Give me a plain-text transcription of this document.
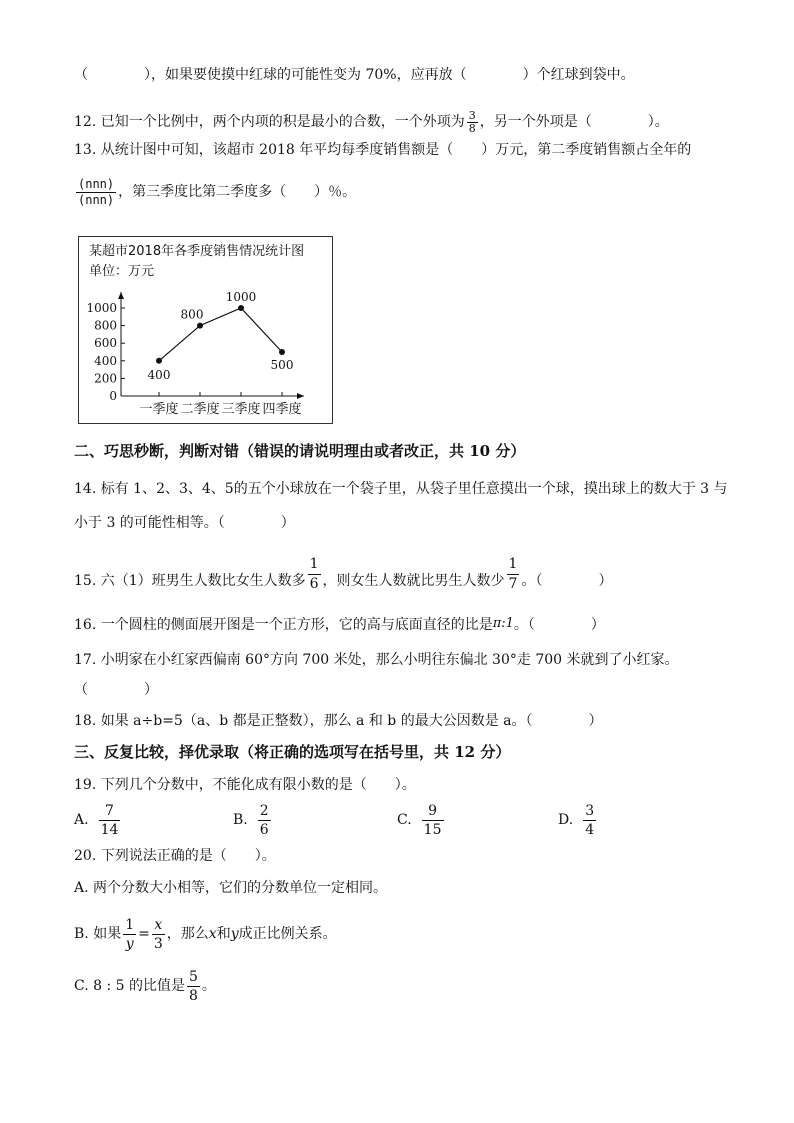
（　　　　），如果要使摸中红球的可能性变为 70%，应再放（　　　　）个红球到袋中。
12. 已知一个比例中，两个内项的积是最小的合数，一个外项为 $\frac{3}{8}$ ，另一个外项是（　　　　）。
13. 从统计图中可知，该超市 2018 年平均每季度销售额是（　　）万元，第二季度销售额占全年的
$\frac{\text{(nnn)}}{\text{(nnn)}}$ ，第三季度比第二季度多（　　）％。
某超市2018年各季度销售情况统计图
单位：万元
0
200
400
600
800
1000
一季度 二季度 三季度 四季度
400
800
1000
500
二、巧思秒断，判断对错（错误的请说明理由或者改正，共 10 分）
14. 标有 1、2、3、4、5的五个小球放在一个袋子里，从袋子里任意摸出一个球，摸出球上的数大于 3 与
小于 3 的可能性相等。（　　　　）
15. 六（1）班男生人数比女生人数多 $\frac{1}{6}$ ，则女生人数就比男生人数少 $\frac{1}{7}$ 。（　　　　）
16. 一个圆柱的侧面展开图是一个正方形，它的高与底面直径的比是π:1。（　　　　）
17. 小明家在小红家西偏南 60°方向 700 米处，那么小明往东偏北 30°走 700 米就到了小红家。
（　　　　）
18. 如果 a÷b=5（a、b 都是正整数），那么 a 和 b 的最大公因数是 a。（　　　　）
三、反复比较，择优录取（将正确的选项写在括号里，共 12 分）
19. 下列几个分数中，不能化成有限小数的是（　　）。
A. $\frac{7}{14}$	B. $\frac{2}{6}$	C. $\frac{9}{15}$	D. $\frac{3}{4}$
20. 下列说法正确的是（　　）。
A. 两个分数大小相等，它们的分数单位一定相同。
B. 如果 $\frac{1}{y} = \frac{x}{3}$ ，那么 x 和 y 成正比例关系。
C. 8 : 5 的比值是 $\frac{5}{8}$ 。
